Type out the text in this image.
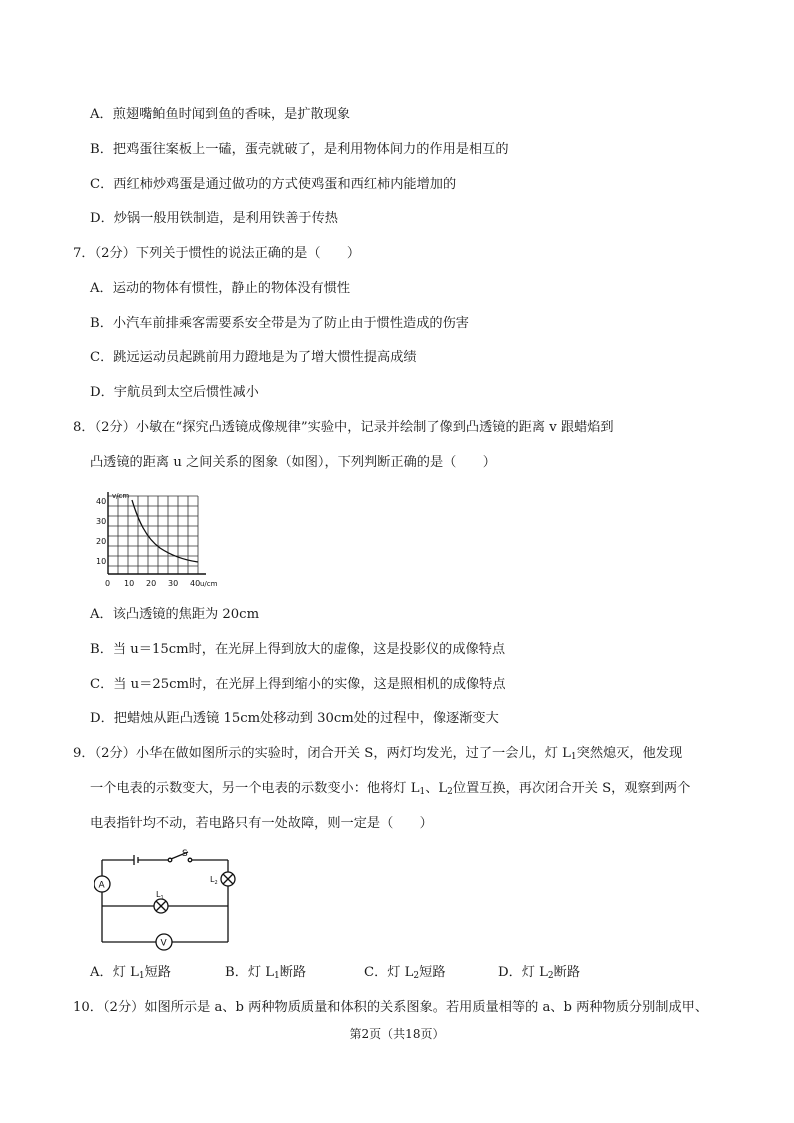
A．煎翅嘴鲌鱼时闻到鱼的香味，是扩散现象
B．把鸡蛋往案板上一磕，蛋壳就破了，是利用物体间力的作用是相互的
C．西红柿炒鸡蛋是通过做功的方式使鸡蛋和西红柿内能增加的
D．炒锅一般用铁制造，是利用铁善于传热
7．（2分）下列关于惯性的说法正确的是（　　）
A．运动的物体有惯性，静止的物体没有惯性
B．小汽车前排乘客需要系安全带是为了防止由于惯性造成的伤害
C．跳远运动员起跳前用力蹬地是为了增大惯性提高成绩
D．宇航员到太空后惯性减小
8．（2分）小敏在“探究凸透镜成像规律”实验中，记录并绘制了像到凸透镜的距离 v 跟蜡焰到
凸透镜的距离 u 之间关系的图象（如图），下列判断正确的是（　　）
v/cm
40
30
20
10
0 10 20 30 40 u/cm
A．该凸透镜的焦距为 20cm
B．当 u＝15cm时，在光屏上得到放大的虚像，这是投影仪的成像特点
C．当 u＝25cm时，在光屏上得到缩小的实像，这是照相机的成像特点
D．把蜡烛从距凸透镜 15cm处移动到 30cm处的过程中，像逐渐变大
9．（2分）小华在做如图所示的实验时，闭合开关 S，两灯均发光，过了一会儿，灯 $L_1$突然熄灭，他发现
一个电表的示数变大，另一个电表的示数变小：他将灯 $L_1$、$L_2$位置互换，再次闭合开关 S，观察到两个
电表指针均不动，若电路只有一处故障，则一定是（　　）
S
A
V
$L_1$
$L_2$
A．灯 $L_1$短路	B．灯 $L_1$断路	C．灯 $L_2$短路	D．灯 $L_2$断路
10．（2分）如图所示是 a、b 两种物质质量和体积的关系图象。若用质量相等的 a、b 两种物质分别制成甲、
第2页（共18页）
